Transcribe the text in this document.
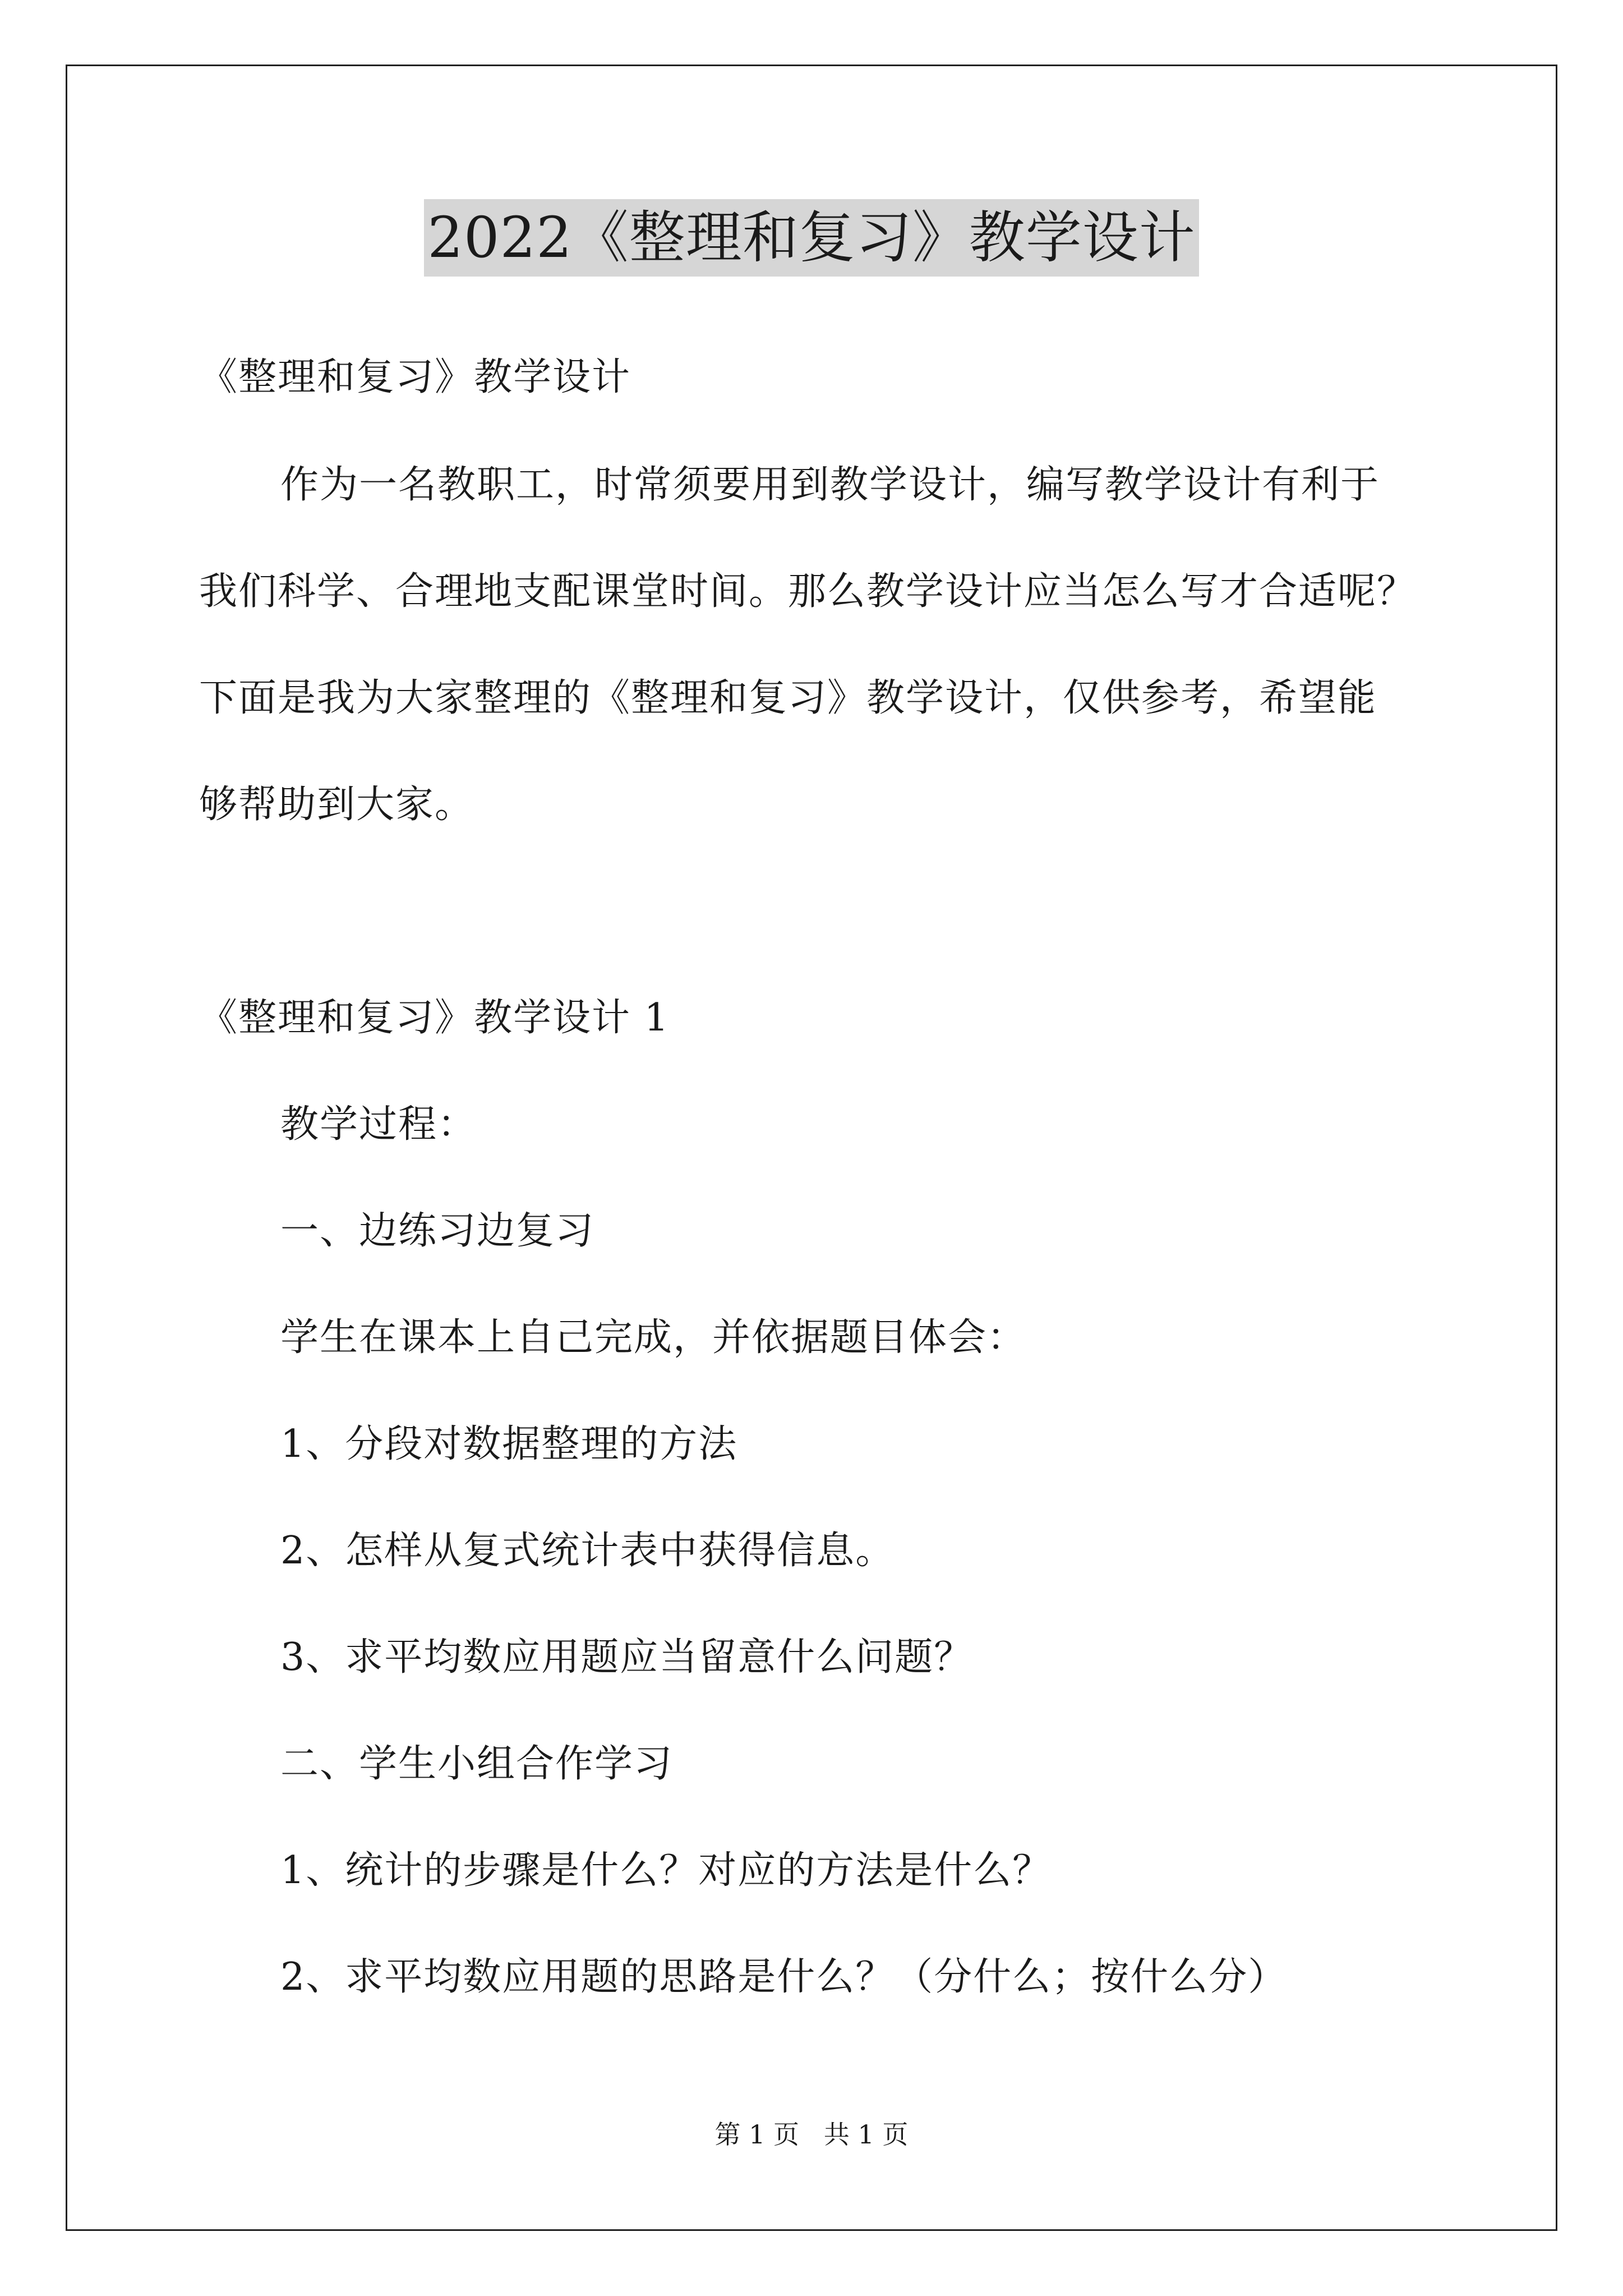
2022《整理和复习》教学设计
《整理和复习》教学设计
作为一名教职工，时常须要用到教学设计，编写教学设计有利于
我们科学、合理地支配课堂时间。那么教学设计应当怎么写才合适呢？
下面是我为大家整理的《整理和复习》教学设计，仅供参考，希望能
够帮助到大家。
《整理和复习》教学设计 1
教学过程：
一、边练习边复习
学生在课本上自己完成，并依据题目体会：
1、分段对数据整理的方法
2、怎样从复式统计表中获得信息。
3、求平均数应用题应当留意什么问题？
二、学生小组合作学习
1、统计的步骤是什么？对应的方法是什么？
2、求平均数应用题的思路是什么？（分什么；按什么分）
第 1 页   共 1 页
